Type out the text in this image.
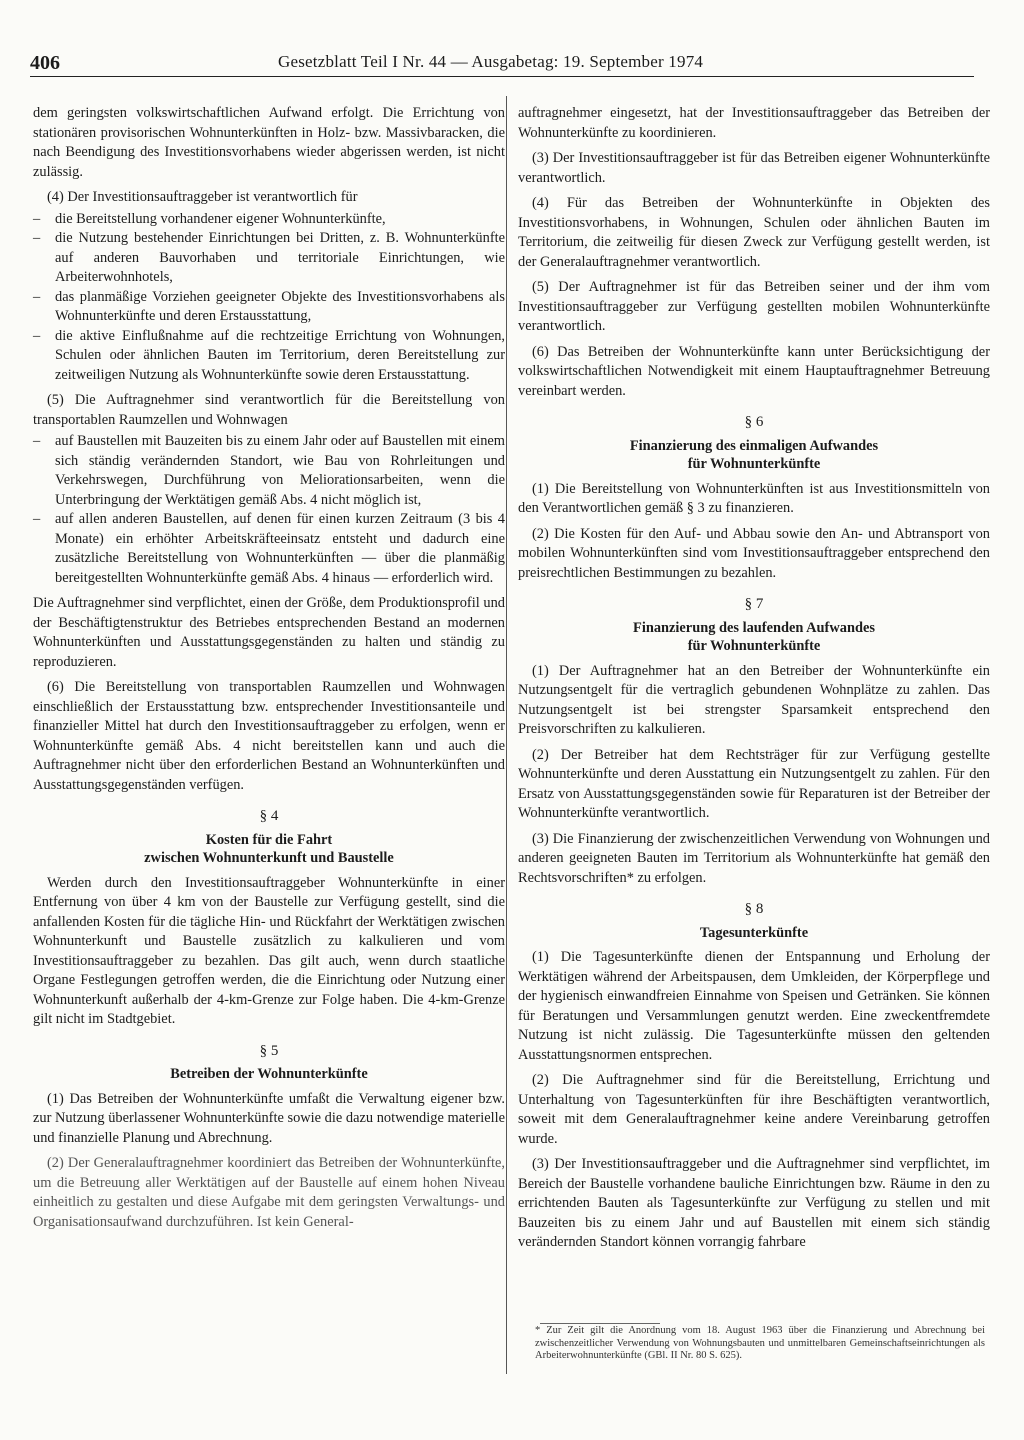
406	Gesetzblatt Teil I Nr. 44 — Ausgabetag: 19. September 1974

dem geringsten volkswirtschaftlichen Aufwand erfolgt. Die Errichtung von stationären provisorischen Wohnunterkünften in Holz- bzw. Massivbaracken, die nach Beendigung des Investitionsvorhabens wieder abgerissen werden, ist nicht zulässig.

(4) Der Investitionsauftraggeber ist verantwortlich für

– die Bereitstellung vorhandener eigener Wohnunterkünfte,
– die Nutzung bestehender Einrichtungen bei Dritten, z. B. Wohnunterkünfte auf anderen Bauvorhaben und territoriale Einrichtungen, wie Arbeiterwohnhotels,
– das planmäßige Vorziehen geeigneter Objekte des Investitionsvorhabens als Wohnunterkünfte und deren Erstausstattung,
– die aktive Einflußnahme auf die rechtzeitige Errichtung von Wohnungen, Schulen oder ähnlichen Bauten im Territorium, deren Bereitstellung zur zeitweiligen Nutzung als Wohnunterkünfte sowie deren Erstausstattung.

(5) Die Auftragnehmer sind verantwortlich für die Bereitstellung von transportablen Raumzellen und Wohnwagen

– auf Baustellen mit Bauzeiten bis zu einem Jahr oder auf Baustellen mit einem sich ständig verändernden Standort, wie Bau von Rohrleitungen und Verkehrswegen, Durchführung von Meliorationsarbeiten, wenn die Unterbringung der Werktätigen gemäß Abs. 4 nicht möglich ist,
– auf allen anderen Baustellen, auf denen für einen kurzen Zeitraum (3 bis 4 Monate) ein erhöhter Arbeitskräfteeinsatz entsteht und dadurch eine zusätzliche Bereitstellung von Wohnunterkünften — über die planmäßig bereitgestellten Wohnunterkünfte gemäß Abs. 4 hinaus — erforderlich wird.

Die Auftragnehmer sind verpflichtet, einen der Größe, dem Produktionsprofil und der Beschäftigtenstruktur des Betriebes entsprechenden Bestand an modernen Wohnunterkünften und Ausstattungsgegenständen zu halten und ständig zu reproduzieren.

(6) Die Bereitstellung von transportablen Raumzellen und Wohnwagen einschließlich der Erstausstattung bzw. entsprechender Investitionsanteile und finanzieller Mittel hat durch den Investitionsauftraggeber zu erfolgen, wenn er Wohnunterkünfte gemäß Abs. 4 nicht bereitstellen kann und auch die Auftragnehmer nicht über den erforderlichen Bestand an Wohnunterkünften und Ausstattungsgegenständen verfügen.

§ 4
Kosten für die Fahrt
zwischen Wohnunterkunft und Baustelle

Werden durch den Investitionsauftraggeber Wohnunterkünfte in einer Entfernung von über 4 km von der Baustelle zur Verfügung gestellt, sind die anfallenden Kosten für die tägliche Hin- und Rückfahrt der Werktätigen zwischen Wohnunterkunft und Baustelle zusätzlich zu kalkulieren und vom Investitionsauftraggeber zu bezahlen. Das gilt auch, wenn durch staatliche Organe Festlegungen getroffen werden, die die Einrichtung oder Nutzung einer Wohnunterkunft außerhalb der 4-km-Grenze zur Folge haben. Die 4-km-Grenze gilt nicht im Stadtgebiet.

§ 5
Betreiben der Wohnunterkünfte

(1) Das Betreiben der Wohnunterkünfte umfaßt die Verwaltung eigener bzw. zur Nutzung überlassener Wohnunterkünfte sowie die dazu notwendige materielle und finanzielle Planung und Abrechnung.

(2) Der Generalauftragnehmer koordiniert das Betreiben der Wohnunterkünfte, um die Betreuung aller Werktätigen auf der Baustelle auf einem hohen Niveau einheitlich zu gestalten und diese Aufgabe mit dem geringsten Verwaltungs- und Organisationsaufwand durchzuführen. Ist kein General-

auftragnehmer eingesetzt, hat der Investitionsauftraggeber das Betreiben der Wohnunterkünfte zu koordinieren.

(3) Der Investitionsauftraggeber ist für das Betreiben eigener Wohnunterkünfte verantwortlich.

(4) Für das Betreiben der Wohnunterkünfte in Objekten des Investitionsvorhabens, in Wohnungen, Schulen oder ähnlichen Bauten im Territorium, die zeitweilig für diesen Zweck zur Verfügung gestellt werden, ist der Generalauftragnehmer verantwortlich.

(5) Der Auftragnehmer ist für das Betreiben seiner und der ihm vom Investitionsauftraggeber zur Verfügung gestellten mobilen Wohnunterkünfte verantwortlich.

(6) Das Betreiben der Wohnunterkünfte kann unter Berücksichtigung der volkswirtschaftlichen Notwendigkeit mit einem Hauptauftragnehmer Betreuung vereinbart werden.

§ 6
Finanzierung des einmaligen Aufwandes
für Wohnunterkünfte

(1) Die Bereitstellung von Wohnunterkünften ist aus Investitionsmitteln von den Verantwortlichen gemäß § 3 zu finanzieren.

(2) Die Kosten für den Auf- und Abbau sowie den An- und Abtransport von mobilen Wohnunterkünften sind vom Investitionsauftraggeber entsprechend den preisrechtlichen Bestimmungen zu bezahlen.

§ 7
Finanzierung des laufenden Aufwandes
für Wohnunterkünfte

(1) Der Auftragnehmer hat an den Betreiber der Wohnunterkünfte ein Nutzungsentgelt für die vertraglich gebundenen Wohnplätze zu zahlen. Das Nutzungsentgelt ist bei strengster Sparsamkeit entsprechend den Preisvorschriften zu kalkulieren.

(2) Der Betreiber hat dem Rechtsträger für zur Verfügung gestellte Wohnunterkünfte und deren Ausstattung ein Nutzungsentgelt zu zahlen. Für den Ersatz von Ausstattungsgegenständen sowie für Reparaturen ist der Betreiber der Wohnunterkünfte verantwortlich.

(3) Die Finanzierung der zwischenzeitlichen Verwendung von Wohnungen und anderen geeigneten Bauten im Territorium als Wohnunterkünfte hat gemäß den Rechtsvorschriften* zu erfolgen.

§ 8
Tagesunterkünfte

(1) Die Tagesunterkünfte dienen der Entspannung und Erholung der Werktätigen während der Arbeitspausen, dem Umkleiden, der Körperpflege und der hygienisch einwandfreien Einnahme von Speisen und Getränken. Sie können für Beratungen und Versammlungen genutzt werden. Eine zweckentfremdete Nutzung ist nicht zulässig. Die Tagesunterkünfte müssen den geltenden Ausstattungsnormen entsprechen.

(2) Die Auftragnehmer sind für die Bereitstellung, Errichtung und Unterhaltung von Tagesunterkünften für ihre Beschäftigten verantwortlich, soweit mit dem Generalauftragnehmer keine andere Vereinbarung getroffen wurde.

(3) Der Investitionsauftraggeber und die Auftragnehmer sind verpflichtet, im Bereich der Baustelle vorhandene bauliche Einrichtungen bzw. Räume in den zu errichtenden Bauten als Tagesunterkünfte zur Verfügung zu stellen und mit Bauzeiten bis zu einem Jahr und auf Baustellen mit einem sich ständig verändernden Standort können vorrangig fahrbare

* Zur Zeit gilt die Anordnung vom 18. August 1963 über die Finanzierung und Abrechnung bei zwischenzeitlicher Verwendung von Wohnungsbauten und unmittelbaren Gemeinschaftseinrichtungen als Arbeiterwohnunterkünfte (GBl. II Nr. 80 S. 625).
